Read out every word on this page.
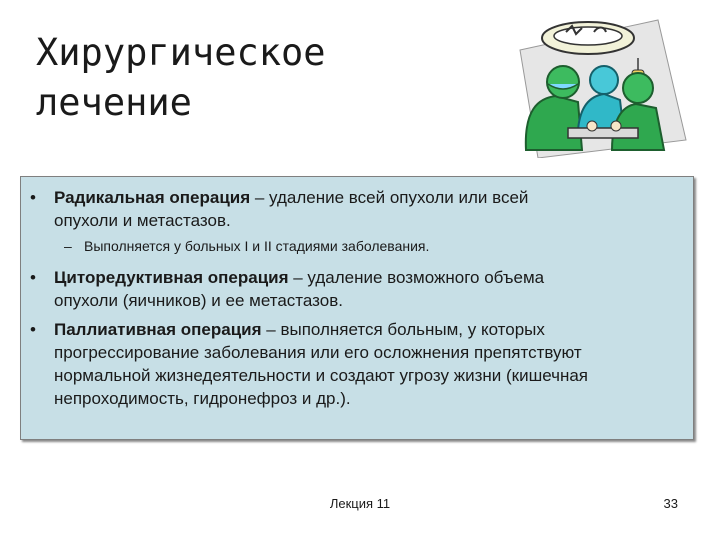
Хирургическое
лечение
• Радикальная операция – удаление всей опухоли или всей
опухоли и метастазов.
– Выполняется у больных I и II стадиями заболевания.
• Циторедуктивная операция – удаление возможного объема
опухоли (яичников) и ее метастазов.
• Паллиативная операция – выполняется больным, у которых
прогрессирование заболевания или его осложнения препятствуют
нормальной жизнедеятельности и создают угрозу жизни (кишечная
непроходимость, гидронефроз и др.).
Лекция 11	33
